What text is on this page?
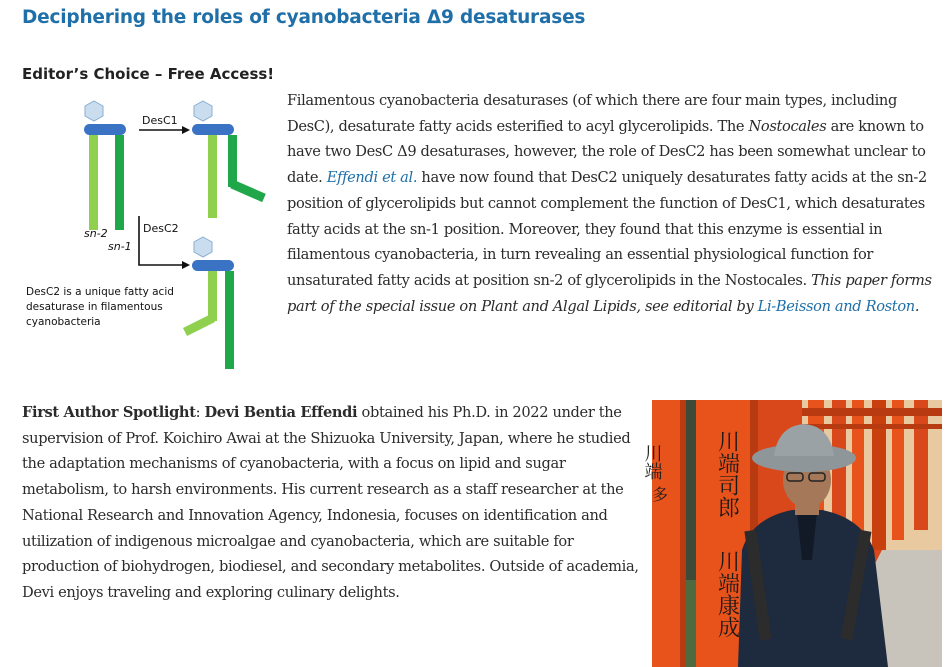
Deciphering the roles of cyanobacteria Δ9 desaturases
Editor’s Choice – Free Access!
DesC1
sn-2
sn-1
DesC2
DesC2 is a unique fatty acid
desaturase in filamentous
cyanobacteria

Filamentous cyanobacteria desaturases (of which there are four main types, including DesC), desaturate fatty acids esterified to acyl glycerolipids. The Nostocales are known to have two DesC Δ9 desaturases, however, the role of DesC2 has been somewhat unclear to date. Effendi et al. have now found that DesC2 uniquely desaturates fatty acids at the sn-2 position of glycerolipids but cannot complement the function of DesC1, which desaturates fatty acids at the sn-1 position. Moreover, they found that this enzyme is essential in filamentous cyanobacteria, in turn revealing an essential physiological function for unsaturated fatty acids at position sn-2 of glycerolipids in the Nostocales. This paper forms part of the special issue on Plant and Algal Lipids, see editorial by Li-Beisson and Roston.

First Author Spotlight: Devi Bentia Effendi obtained his Ph.D. in 2022 under the supervision of Prof. Koichiro Awai at the Shizuoka University, Japan, where he studied the adaptation mechanisms of cyanobacteria, with a focus on lipid and sugar metabolism, to harsh environments. His current research as a staff researcher at the National Research and Innovation Agency, Indonesia, focuses on identification and utilization of indigenous microalgae and cyanobacteria, which are suitable for production of biohydrogen, biodiesel, and secondary metabolites. Outside of academia, Devi enjoys traveling and exploring culinary delights.

川端
多 川端司郎
川端康成
